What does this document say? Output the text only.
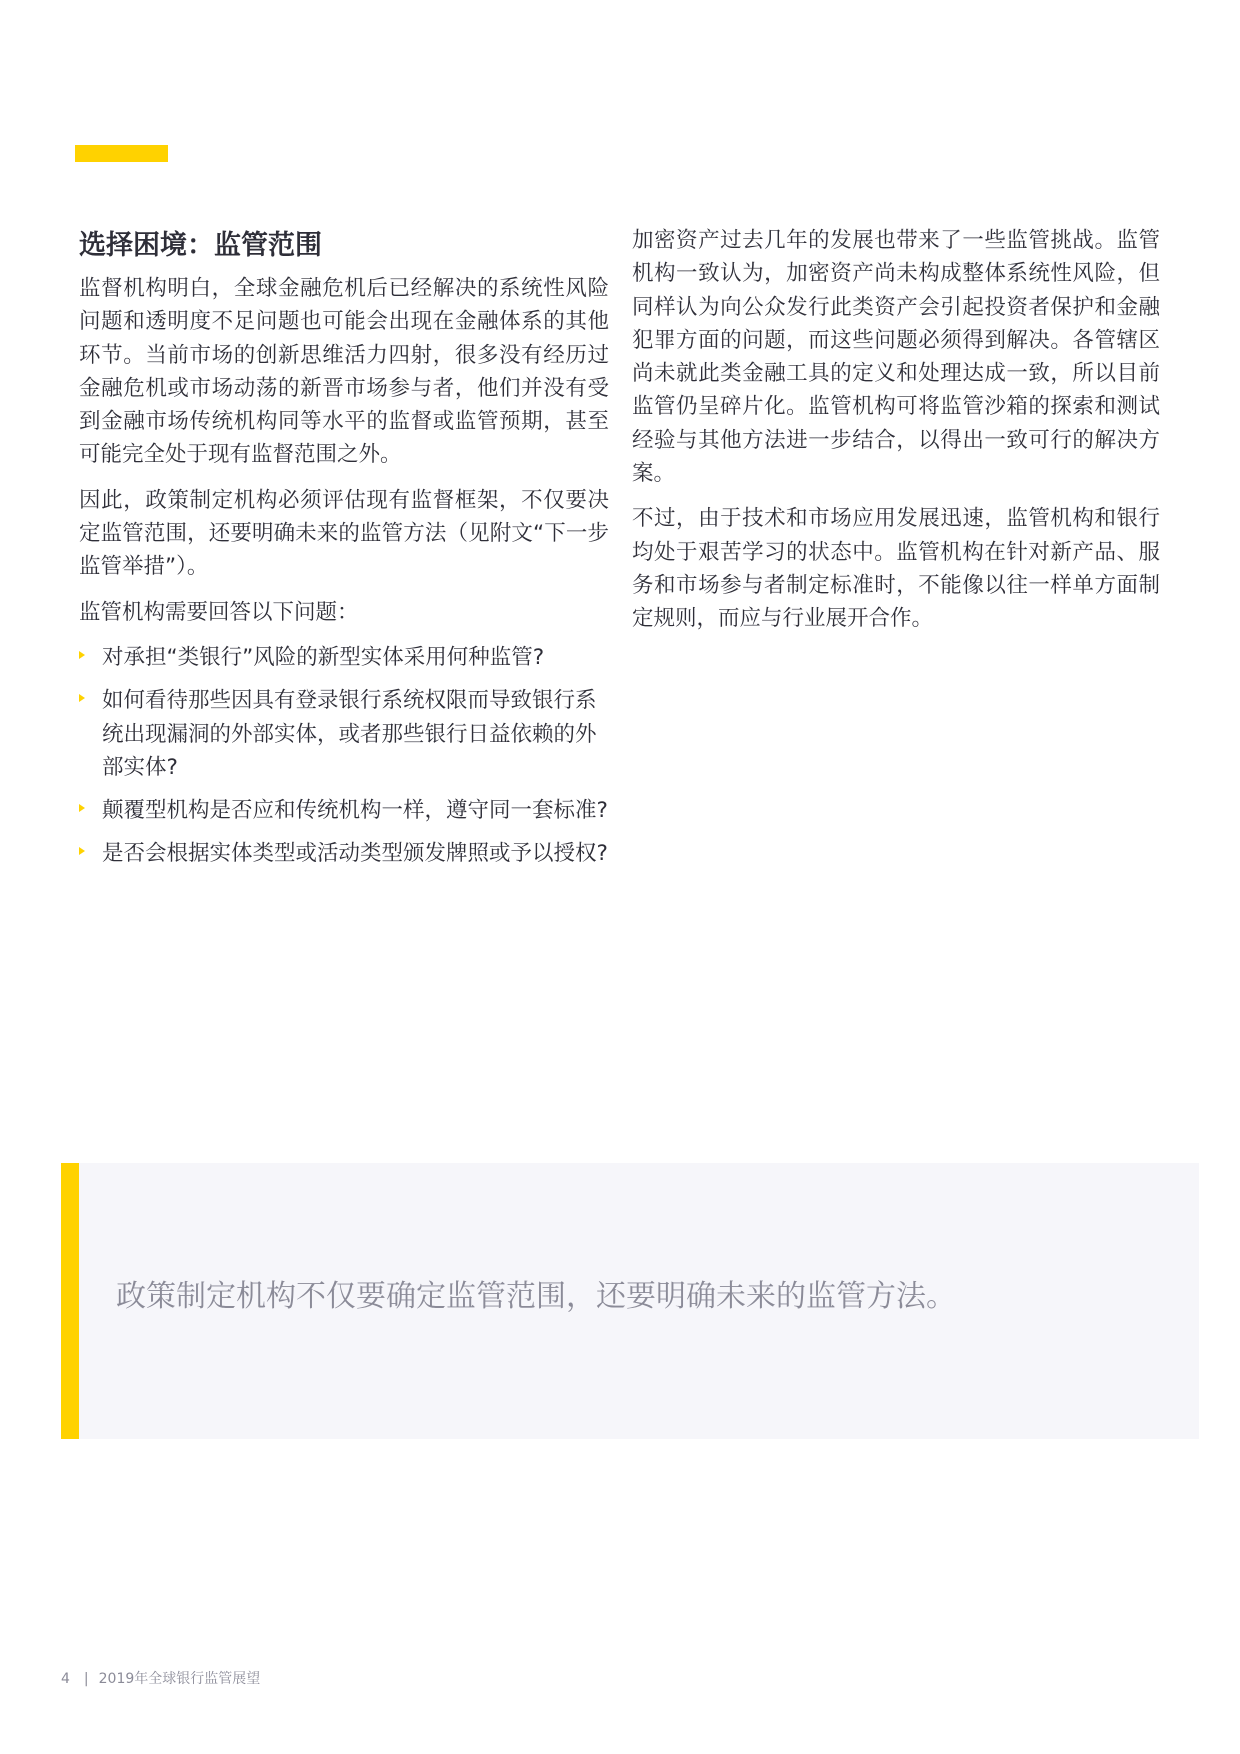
选择困境：监管范围

监督机构明白，全球金融危机后已经解决的系统性风险问题和透明度不足问题也可能会出现在金融体系的其他环节。当前市场的创新思维活力四射，很多没有经历过金融危机或市场动荡的新晋市场参与者，他们并没有受到金融市场传统机构同等水平的监督或监管预期，甚至可能完全处于现有监督范围之外。

因此，政策制定机构必须评估现有监督框架，不仅要决定监管范围，还要明确未来的监管方法（见附文“下一步监管举措”）。

监管机构需要回答以下问题：

对承担“类银行”风险的新型实体采用何种监管?
如何看待那些因具有登录银行系统权限而导致银行系统出现漏洞的外部实体，或者那些银行日益依赖的外部实体?
颠覆型机构是否应和传统机构一样，遵守同一套标准?
是否会根据实体类型或活动类型颁发牌照或予以授权?

加密资产过去几年的发展也带来了一些监管挑战。监管机构一致认为，加密资产尚未构成整体系统性风险，但同样认为向公众发行此类资产会引起投资者保护和金融犯罪方面的问题，而这些问题必须得到解决。各管辖区尚未就此类金融工具的定义和处理达成一致，所以目前监管仍呈碎片化。监管机构可将监管沙箱的探索和测试经验与其他方法进一步结合，以得出一致可行的解决方案。

不过，由于技术和市场应用发展迅速，监管机构和银行均处于艰苦学习的状态中。监管机构在针对新产品、服务和市场参与者制定标准时，不能像以往一样单方面制定规则，而应与行业展开合作。

政策制定机构不仅要确定监管范围，还要明确未来的监管方法。
4 | 2019年全球银行监管展望
